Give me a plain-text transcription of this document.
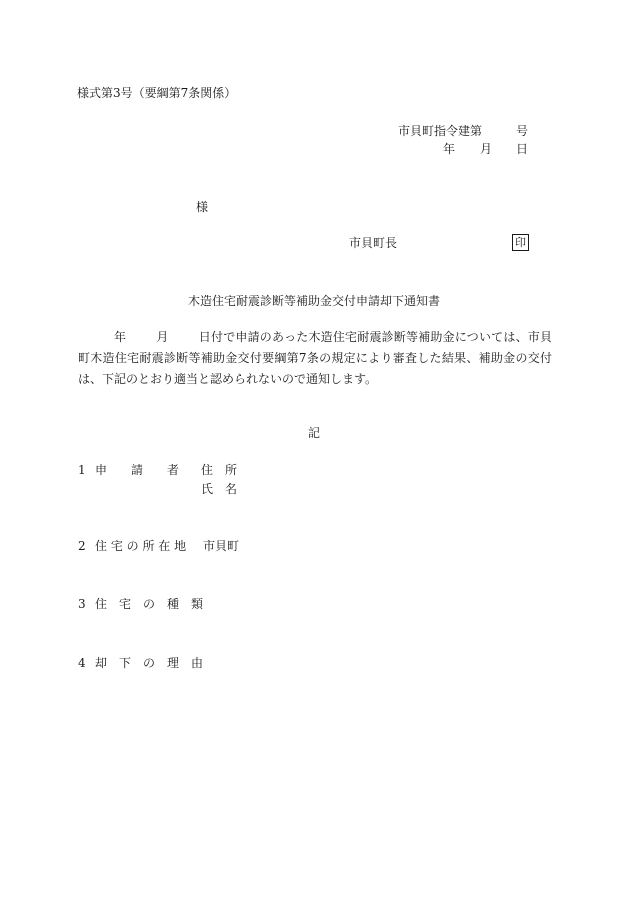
様式第3号（要綱第7条関係）
市貝町指令建第	号
年 月 日
様
市貝町長	印
木造住宅耐震診断等補助金交付申請却下通知書
年	月	日付で申請のあった木造住宅耐震診断等補助金については、市貝町木造住宅耐震診断等補助金交付要綱第7条の規定により審査した結果、補助金の交付は、下記のとおり適当と認められないので通知します。
記
1 申　　請　　者 住　所
氏　名
2 住 宅 の 所 在 地 市貝町
3 住　宅　の　種　類
4 却　下　の　理　由
